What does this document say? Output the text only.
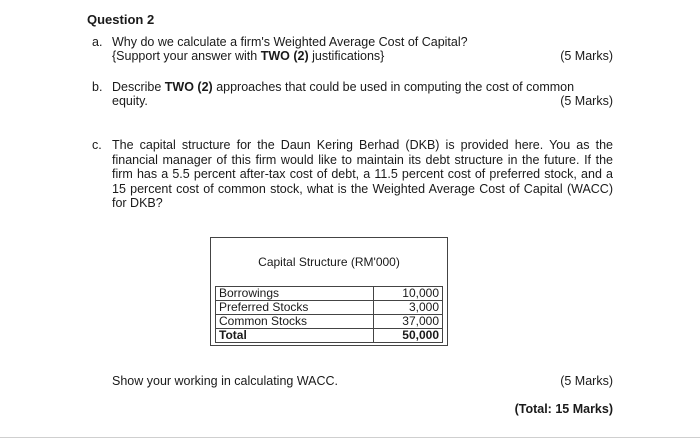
Question 2
a. Why do we calculate a firm's Weighted Average Cost of Capital?
{Support your answer with TWO (2) justifications}	(5 Marks)
b. Describe TWO (2) approaches that could be used in computing the cost of common
equity.	(5 Marks)
c. The capital structure for the Daun Kering Berhad (DKB) is provided here. You as the financial manager of this firm would like to maintain its debt structure in the future. If the firm has a 5.5 percent after-tax cost of debt, a 11.5 percent cost of preferred stock, and a 15 percent cost of common stock, what is the Weighted Average Cost of Capital (WACC) for DKB?
Capital Structure (RM'000)
Borrowings	10,000
Preferred Stocks	3,000
Common Stocks	37,000
Total	50,000
Show your working in calculating WACC.	(5 Marks)
(Total: 15 Marks)
